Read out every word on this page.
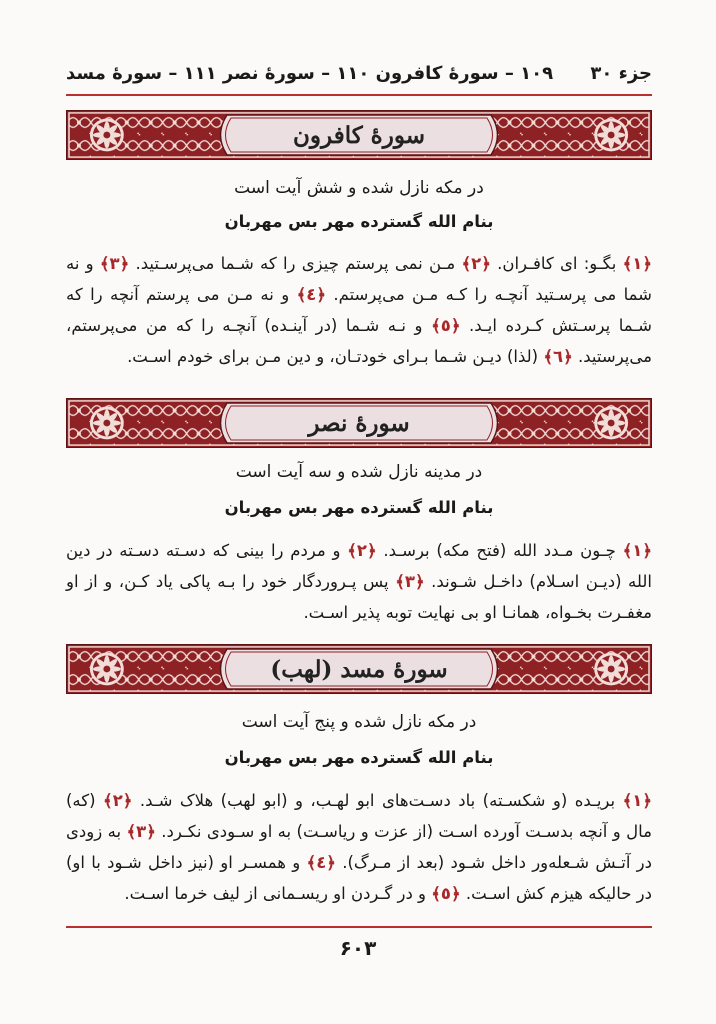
جزء ۳۰
۱۰۹ – سورۀ کافرون ۱۱۰ – سورۀ نصر ۱۱۱ – سورۀ مسد
سورۀ کافرون
در مکه نازل شده و شش آیت است
بنام الله گسترده مهر بس مهربان
﴿١﴾ بگـو: ای کافـران. ﴿٢﴾ مـن نمی پرستم چیزی را که شـما می‌پرسـتید. ﴿٣﴾ و نه شما می پرسـتید آنچـه را کـه مـن می‌پرستم. ﴿٤﴾ و نه مـن می پرستم آنچه را که شـما پرسـتش کـرده ایـد. ﴿٥﴾ و نـه شـما (در آینـده) آنچـه را که من می‌پرستم، می‌پرستید. ﴿٦﴾ (لذا) دیـن شـما بـرای خودتـان، و دین مـن برای خودم اسـت.
سورۀ نصر
در مدینه نازل شده و سه آیت است
بنام الله گسترده مهر بس مهربان
﴿١﴾ چـون مـدد الله (فتح مکه) برسـد. ﴿٢﴾ و مردم را بینی که دسـته دسـته در دین الله (دیـن اسـلام) داخـل شـوند. ﴿٣﴾ پس پـروردگار خود را بـه پاکی یاد کـن، و از او مغفـرت بخـواه، همانـا او بی نهایت توبه پذیر اسـت.
سورۀ مسد (لهب)
در مکه نازل شده و پنج آیت است
بنام الله گسترده مهر بس مهربان
﴿١﴾ بریـده (و شکسـته) باد دسـت‌های ابو لهـب، و (ابو لهب) هلاک شـد. ﴿٢﴾ (که) مال و آنچه بدسـت آورده اسـت (از عزت و ریاسـت) به او سـودی نکـرد. ﴿٣﴾ به زودی در آتـش شـعله‌ور داخل شـود (بعد از مـرگ). ﴿٤﴾ و همسـر او (نیز داخل شـود با او) در حالیکه هیزم کش اسـت. ﴿٥﴾ و در گـردن او ریسـمانی از لیف خرما اسـت.
۶۰۳
